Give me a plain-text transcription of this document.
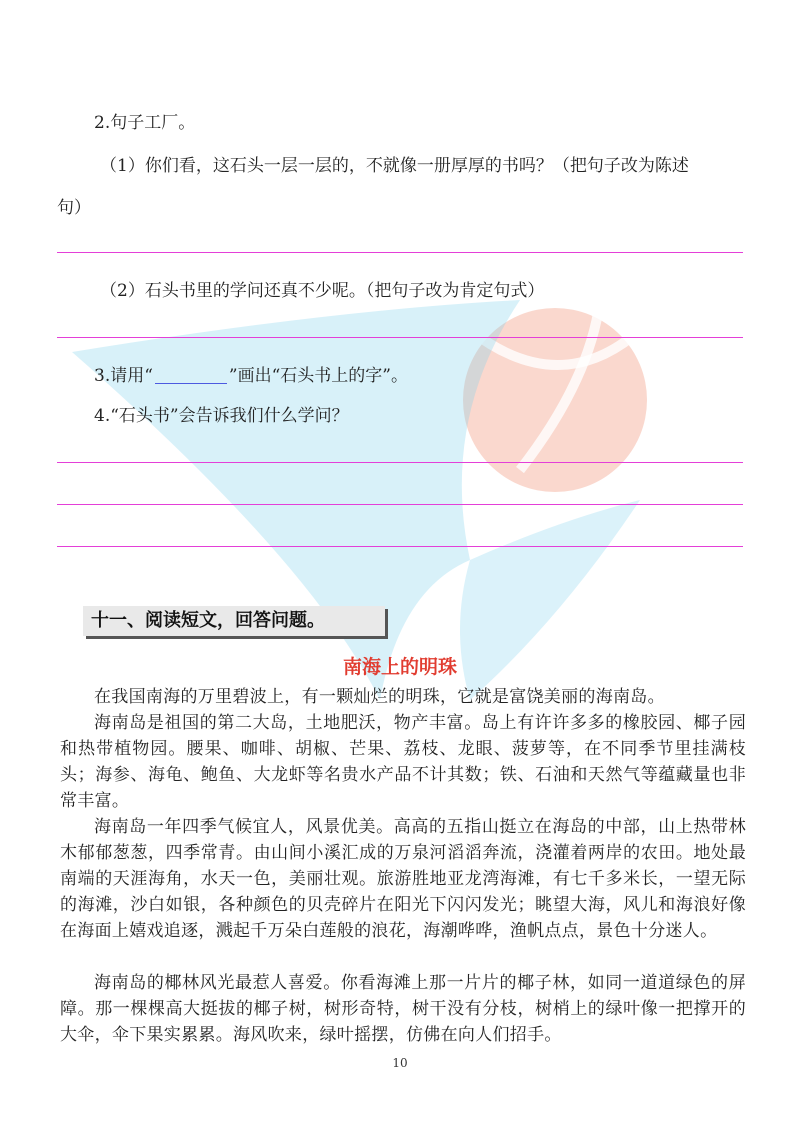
2.句子工厂。
（1）你们看，这石头一层一层的，不就像一册厚厚的书吗？（把句子改为陈述
句）
（2）石头书里的学问还真不少呢。（把句子改为肯定句式）
3.请用“	”画出“石头书上的字”。
4.“石头书”会告诉我们什么学问？
十一、阅读短文，回答问题。
南海上的明珠
在我国南海的万里碧波上，有一颗灿烂的明珠，它就是富饶美丽的海南岛。
海南岛是祖国的第二大岛，土地肥沃，物产丰富。岛上有许许多多的橡胶园、椰子园和热带植物园。腰果、咖啡、胡椒、芒果、荔枝、龙眼、菠萝等，在不同季节里挂满枝头；海参、海龟、鲍鱼、大龙虾等名贵水产品不计其数；铁、石油和天然气等蕴藏量也非常丰富。
海南岛一年四季气候宜人，风景优美。高高的五指山挺立在海岛的中部，山上热带林木郁郁葱葱，四季常青。由山间小溪汇成的万泉河滔滔奔流，浇灌着两岸的农田。地处最南端的天涯海角，水天一色，美丽壮观。旅游胜地亚龙湾海滩，有七千多米长，一望无际的海滩，沙白如银，各种颜色的贝壳碎片在阳光下闪闪发光；眺望大海，风儿和海浪好像在海面上嬉戏追逐，溅起千万朵白莲般的浪花，海潮哗哗，渔帆点点，景色十分迷人。
海南岛的椰林风光最惹人喜爱。你看海滩上那一片片的椰子林，如同一道道绿色的屏障。那一棵棵高大挺拔的椰子树，树形奇特，树干没有分枝，树梢上的绿叶像一把撑开的大伞，伞下果实累累。海风吹来，绿叶摇摆，仿佛在向人们招手。
10
